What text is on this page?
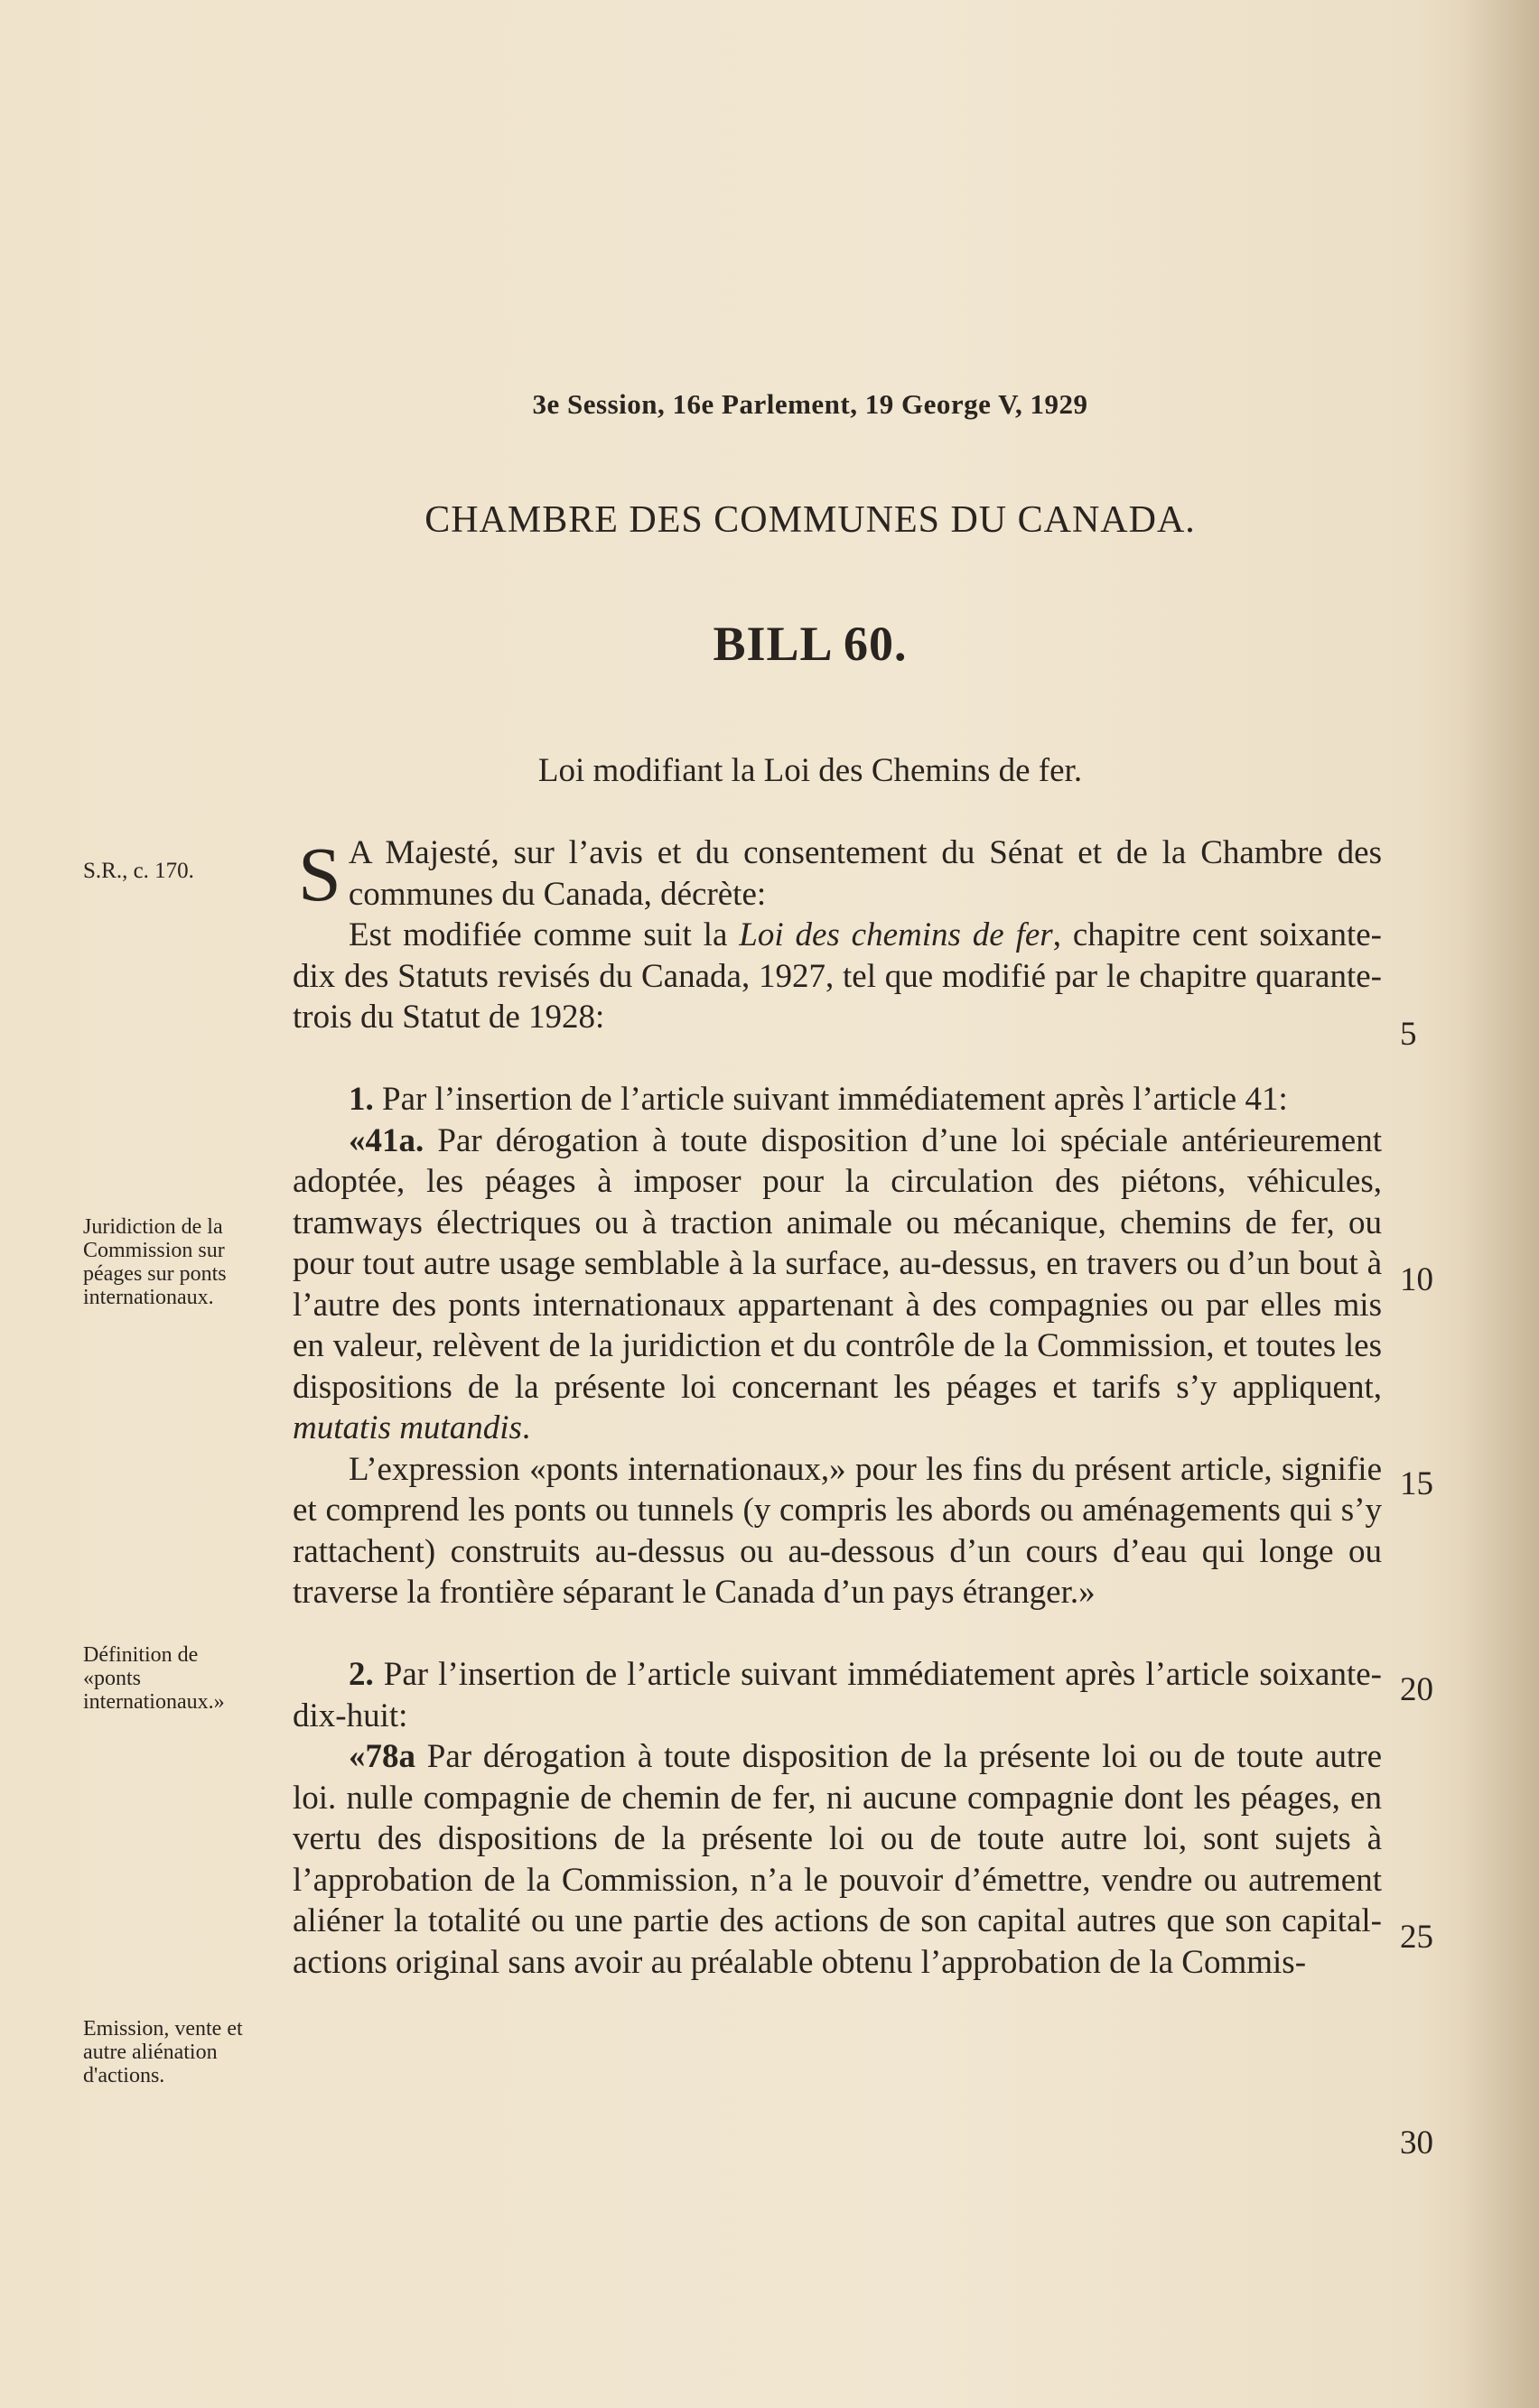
3e Session, 16e Parlement, 19 George V, 1929
CHAMBRE DES COMMUNES DU CANADA.
BILL 60.
Loi modifiant la Loi des Chemins de fer.
S.R., c. 170.
Juridiction de la Commission sur péages sur ponts internationaux.
Définition de «ponts internationaux.»
Emission, vente et autre aliénation d'actions.
5
10
15
20
25
30

S A Majesté, sur l’avis et du consentement du Sénat et de la Chambre des communes du Canada, décrète:

Est modifiée comme suit la Loi des chemins de fer, chapitre cent soixante-dix des Statuts revisés du Canada, 1927, tel que modifié par le chapitre quarante-trois du Statut de 1928:

1. Par l’insertion de l’article suivant immédiatement après l’article 41:

«41a. Par dérogation à toute disposition d’une loi spéciale antérieurement adoptée, les péages à imposer pour la circulation des piétons, véhicules, tramways électriques ou à traction animale ou mécanique, chemins de fer, ou pour tout autre usage semblable à la surface, au-dessus, en travers ou d’un bout à l’autre des ponts internationaux appartenant à des compagnies ou par elles mis en valeur, relèvent de la juridiction et du contrôle de la Commission, et toutes les dispositions de la présente loi concernant les péages et tarifs s’y appliquent, mutatis mutandis.

L’expression «ponts internationaux,» pour les fins du présent article, signifie et comprend les ponts ou tunnels (y compris les abords ou aménagements qui s’y rattachent) construits au-dessus ou au-dessous d’un cours d’eau qui longe ou traverse la frontière séparant le Canada d’un pays étranger.»

2. Par l’insertion de l’article suivant immédiatement après l’article soixante-dix-huit:

«78a Par dérogation à toute disposition de la présente loi ou de toute autre loi. nulle compagnie de chemin de fer, ni aucune compagnie dont les péages, en vertu des dispositions de la présente loi ou de toute autre loi, sont sujets à l’approbation de la Commission, n’a le pouvoir d’émettre, vendre ou autrement aliéner la totalité ou une partie des actions de son capital autres que son capital-actions original sans avoir au préalable obtenu l’approbation de la Commis-
